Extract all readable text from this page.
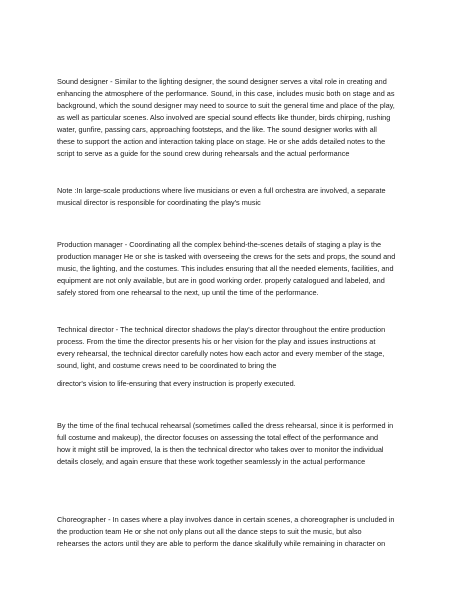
Sound designer - Similar to the lighting designer, the sound designer serves a vital role in creating and
enhancing the atmosphere of the performance. Sound, in this case, includes music both on stage and as
background, which the sound designer may need to source to suit the general time and place of the play,
as well as particular scenes. Also involved are special sound effects like thunder, birds chirping, rushing
water, gunfire, passing cars, approaching footsteps, and the like. The sound designer works with all
these to support the action and interaction taking place on stage. He or she adds detailed notes to the
script to serve as a guide for the sound crew during rehearsals and the actual performance

Note :In large-scale productions where live musicians or even a full orchestra are involved, a separate
musical director is responsible for coordinating the play's music

Production manager - Coordinating all the complex behind-the-scenes details of staging a play is the
production manager He or she is tasked with overseeing the crews for the sets and props, the sound and
music, the lighting, and the costumes. This includes ensuring that all the needed elements, facilities, and
equipment are not only available, but are in good working order. properly catalogued and labeled, and
safely stored from one rehearsal to the next, up until the time of the performance.

Technical director - The technical director shadows the play's director throughout the entire production
process. From the time the director presents his or her vision for the play and issues instructions at
every rehearsal, the technical director carefully notes how each actor and every member of the stage,
sound, light, and costume crews need to be coordinated to bring the

director's vision to life-ensuring that every instruction is properly executed.

By the time of the final techucal rehearsal (sometimes called the dress rehearsal, since it is performed in
full costume and makeup), the director focuses on assessing the total effect of the performance and
how it might still be improved, la is then the technical director who takes over to monitor the individual
details closely, and again ensure that these work together seamlessly in the actual performance

Choreographer - In cases where a play involves dance in certain scenes, a choreographer is uncluded in
the production team He or she not only plans out all the dance steps to suit the music, but also
rehearses the actors until they are able to perform the dance skalifully while remaining in character on
